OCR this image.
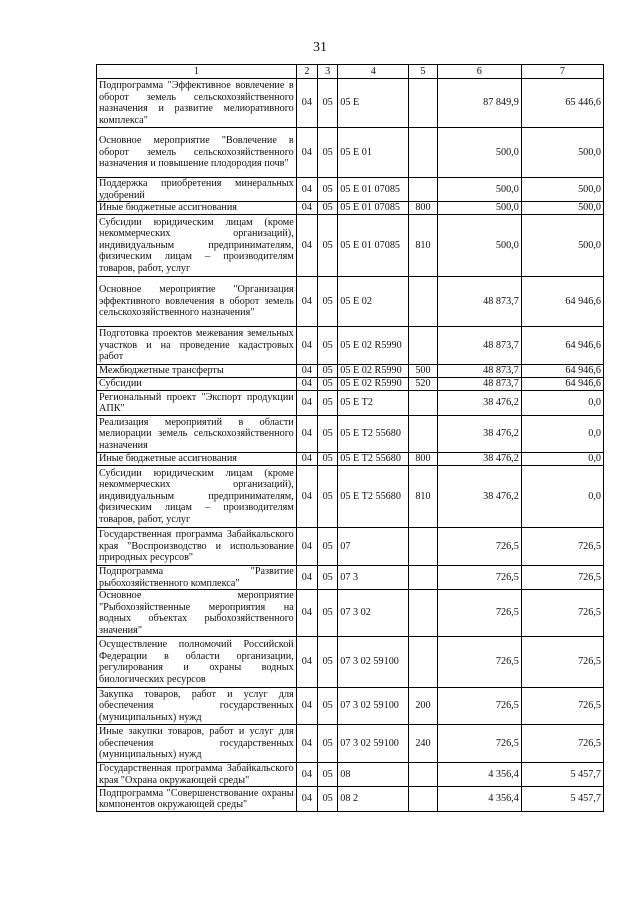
31
1	2	3	4	5	6	7
Подпрограмма "Эффективное вовлечение в оборот земель сельскохозяйственного назначения и развитие мелиоративного комплекса"	04	05	05 E		87 849,9	65 446,6
Основное мероприятие "Вовлечение в оборот земель сельскохозяйственного назначения и повышение плодородия почв"	04	05	05 E 01		500,0	500,0
Поддержка приобретения минеральных удобрений	04	05	05 E 01 07085		500,0	500,0
Иные бюджетные ассигнования	04	05	05 E 01 07085	800	500,0	500,0
Субсидии юридическим лицам (кроме некоммерческих организаций), индивидуальным предпринимателям, физическим лицам – производителям товаров, работ, услуг	04	05	05 E 01 07085	810	500,0	500,0
Основное мероприятие "Организация эффективного вовлечения в оборот земель сельскохозяйственного назначения"	04	05	05 E 02		48 873,7	64 946,6
Подготовка проектов межевания земельных участков и на проведение кадастровых работ	04	05	05 E 02 R5990		48 873,7	64 946,6
Межбюджетные трансферты	04	05	05 E 02 R5990	500	48 873,7	64 946,6
Субсидии	04	05	05 E 02 R5990	520	48 873,7	64 946,6
Региональный проект "Экспорт продукции АПК"	04	05	05 E T2		38 476,2	0,0
Реализация мероприятий в области мелиорации земель сельскохозяйственного назначения	04	05	05 E T2 55680		38 476,2	0,0
Иные бюджетные ассигнования	04	05	05 E T2 55680	800	38 476,2	0,0
Субсидии юридическим лицам (кроме некоммерческих организаций), индивидуальным предпринимателям, физическим лицам – производителям товаров, работ, услуг	04	05	05 E T2 55680	810	38 476,2	0,0
Государственная программа Забайкальского края "Воспроизводство и использование природных ресурсов"	04	05	07		726,5	726,5
Подпрограмма "Развитие рыбохозяйственного комплекса"	04	05	07 3		726,5	726,5
Основное мероприятие "Рыбохозяйственные мероприятия на водных объектах рыбохозяйственного значения"	04	05	07 3 02		726,5	726,5
Осуществление полномочий Российской Федерации в области организации, регулирования и охраны водных биологических ресурсов	04	05	07 3 02 59100		726,5	726,5
Закупка товаров, работ и услуг для обеспечения государственных (муниципальных) нужд	04	05	07 3 02 59100	200	726,5	726,5
Иные закупки товаров, работ и услуг для обеспечения государственных (муниципальных) нужд	04	05	07 3 02 59100	240	726,5	726,5
Государственная программа Забайкальского края "Охрана окружающей среды"	04	05	08		4 356,4	5 457,7
Подпрограмма "Совершенствование охраны компонентов окружающей среды"	04	05	08 2		4 356,4	5 457,7
